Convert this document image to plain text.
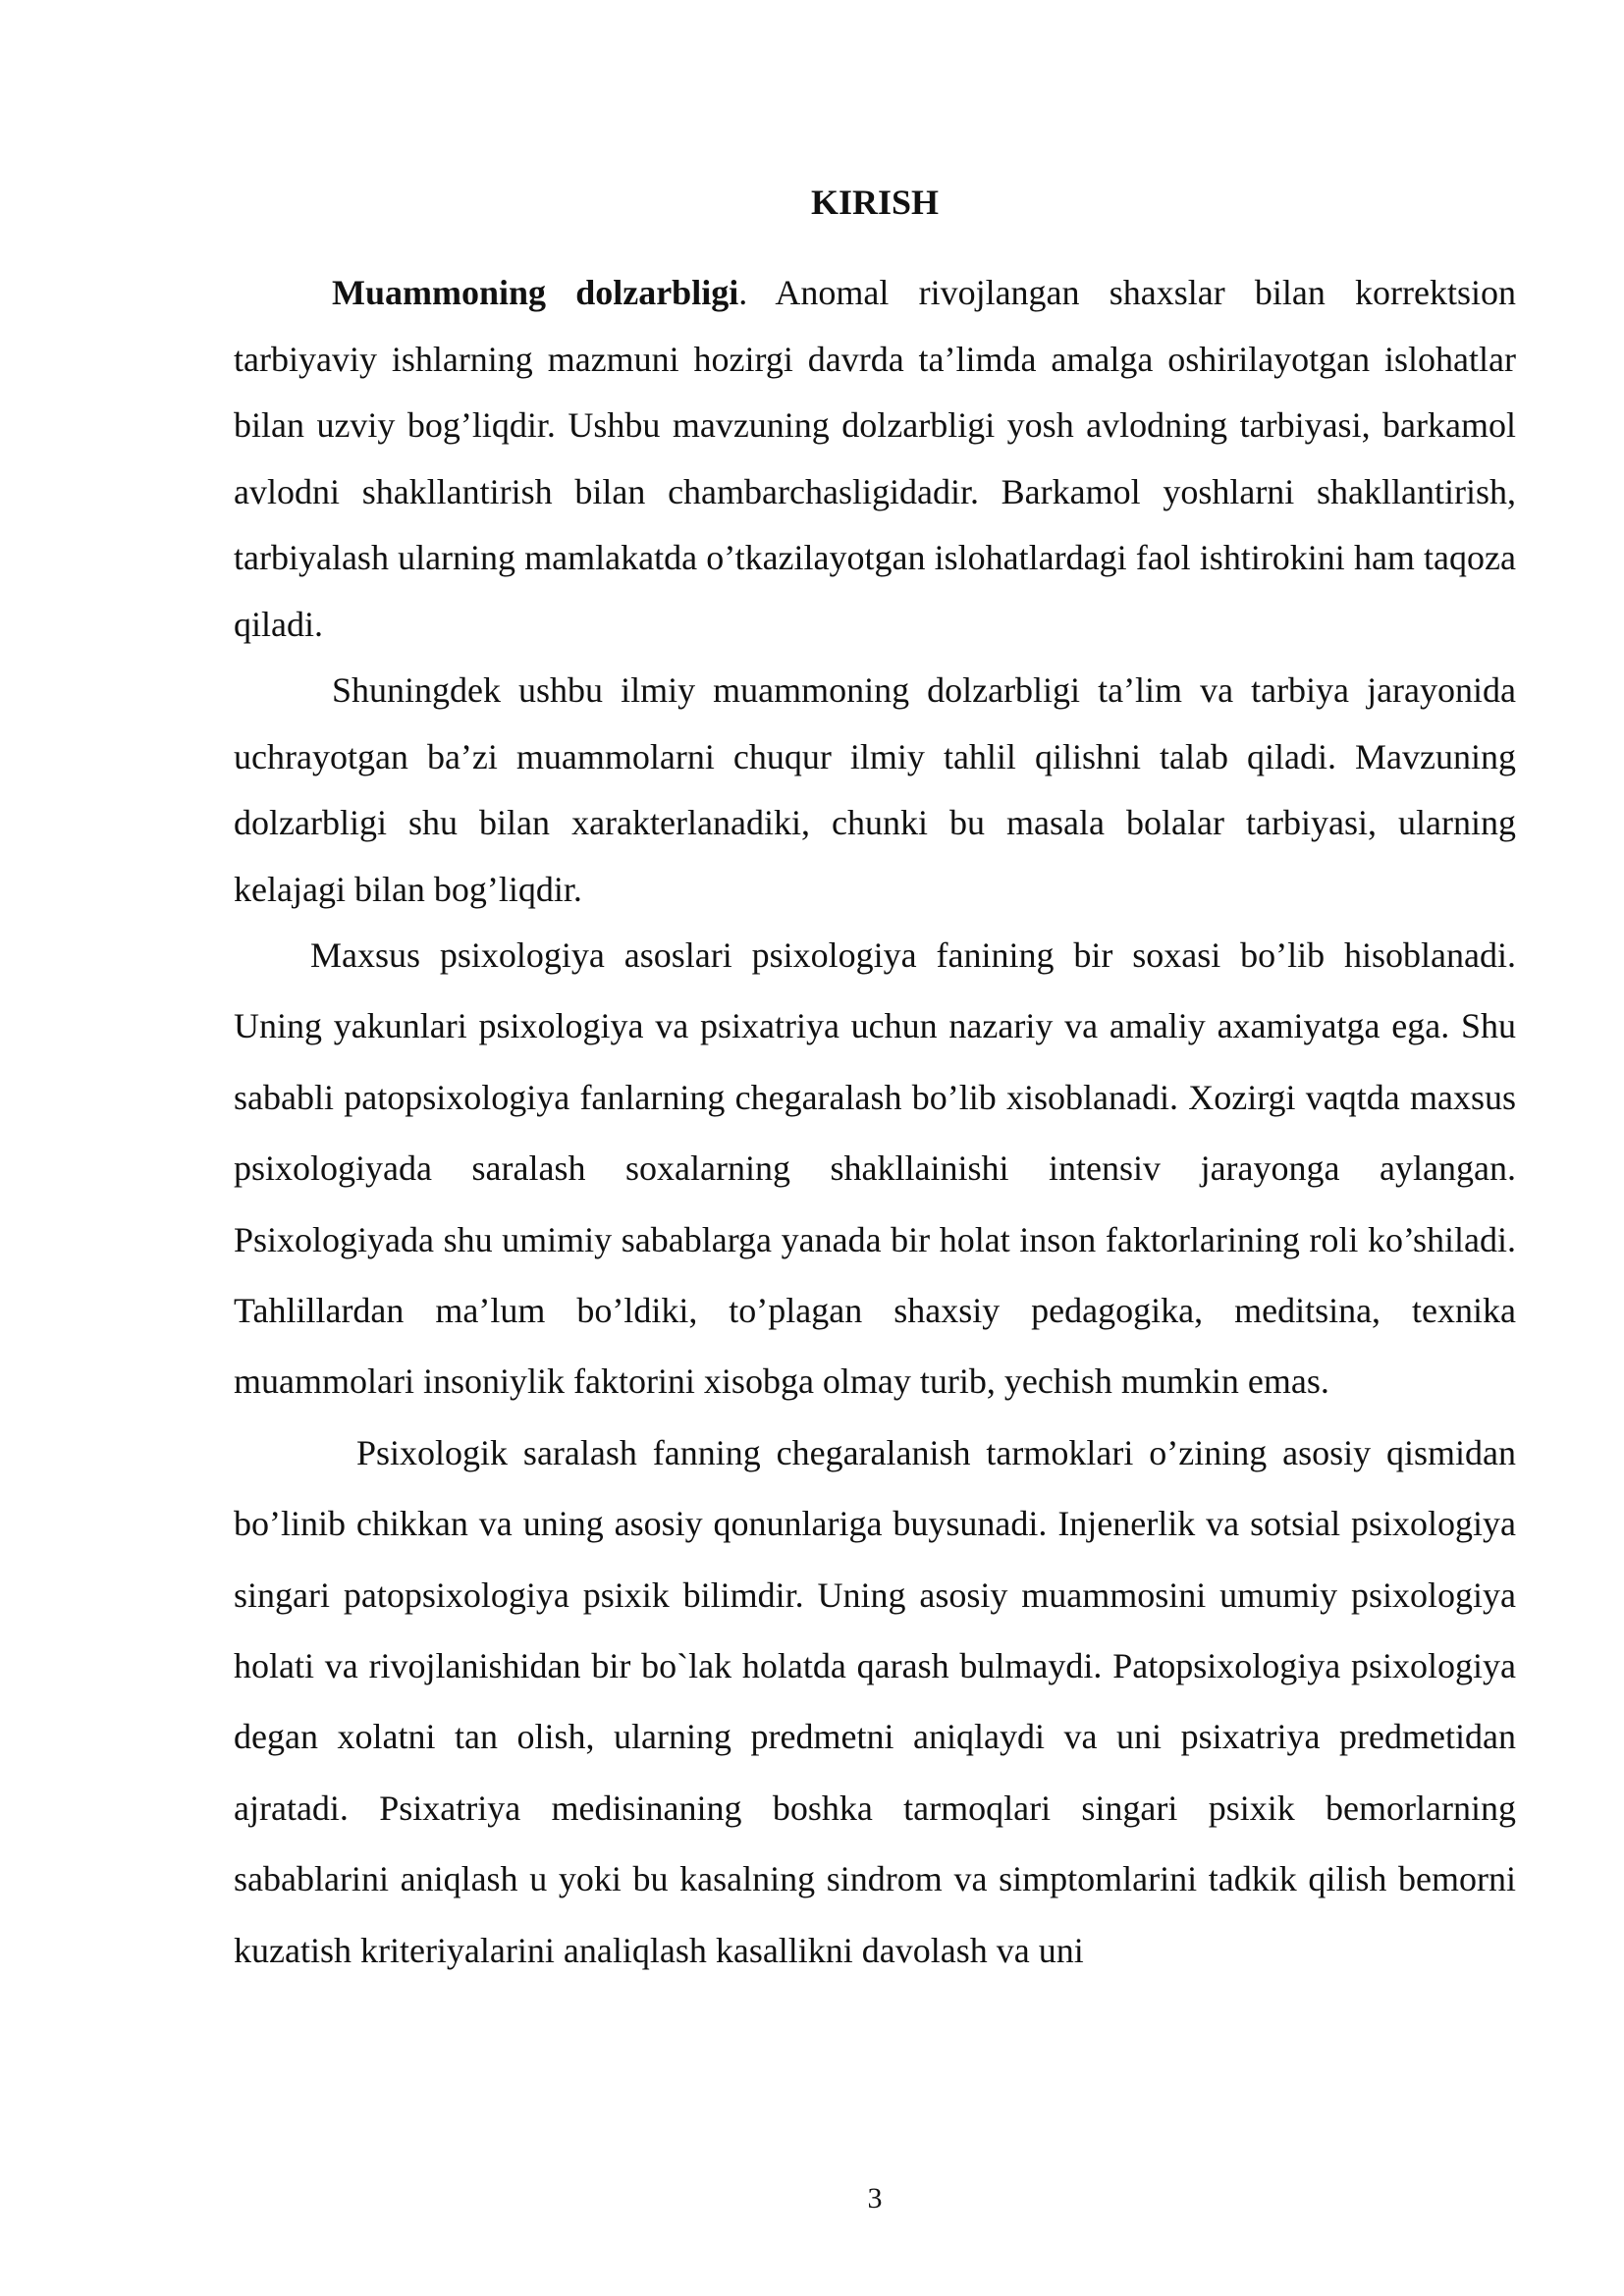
KIRISH

Muammoning dolzarbligi. Anomal rivojlangan shaxslar bilan korrektsion tarbiyaviy ishlarning mazmuni hozirgi davrda ta’limda amalga oshirilayotgan islohatlar bilan uzviy bog’liqdir. Ushbu mavzuning dolzarbligi yosh avlodning tarbiyasi, barkamol avlodni shakllantirish bilan chambarchasligidadir. Barkamol yoshlarni shakllantirish, tarbiyalash ularning mamlakatda o’tkazilayotgan islohatlardagi faol ishtirokini ham taqoza qiladi.

Shuningdek ushbu ilmiy muammoning dolzarbligi ta’lim va tarbiya jarayonida uchrayotgan ba’zi muammolarni chuqur ilmiy tahlil qilishni talab qiladi. Mavzuning dolzarbligi shu bilan xarakterlanadiki, chunki bu masala bolalar tarbiyasi, ularning kelajagi bilan bog’liqdir.

Maxsus psixologiya asoslari psixologiya fanining bir soxasi bo’lib hisoblanadi. Uning yakunlari psixologiya va psixatriya uchun nazariy va amaliy axamiyatga ega. Shu sababli patopsixologiya fanlarning chegaralash bo’lib xisoblanadi. Xozirgi vaqtda maxsus psixologiyada saralash soxalarning shakllainishi intensiv jarayonga aylangan. Psixologiyada shu umimiy sabablarga yanada bir holat inson faktorlarining roli ko’shiladi. Tahlillardan ma’lum bo’ldiki, to’plagan shaxsiy pedagogika, meditsina, texnika muammolari insoniylik faktorini xisobga olmay turib, yechish mumkin emas.

Psixologik saralash fanning chegaralanish tarmoklari o’zining asosiy qismidan bo’linib chikkan va uning asosiy qonunlariga buysunadi. Injenerlik va sotsial psixologiya singari patopsixologiya psixik bilimdir. Uning asosiy muammosini umumiy psixologiya holati va rivojlanishidan bir bo`lak holatda qarash bulmaydi. Patopsixologiya psixologiya degan xolatni tan olish, ularning predmetni aniqlaydi va uni psixatriya predmetidan ajratadi. Psixatriya medisinaning boshka tarmoqlari singari psixik bemorlarning sabablarini aniqlash u yoki bu kasalning sindrom va simptomlarini tadkik qilish bemorni kuzatish kriteriyalarini analiqlash kasallikni davolash va uni

3
